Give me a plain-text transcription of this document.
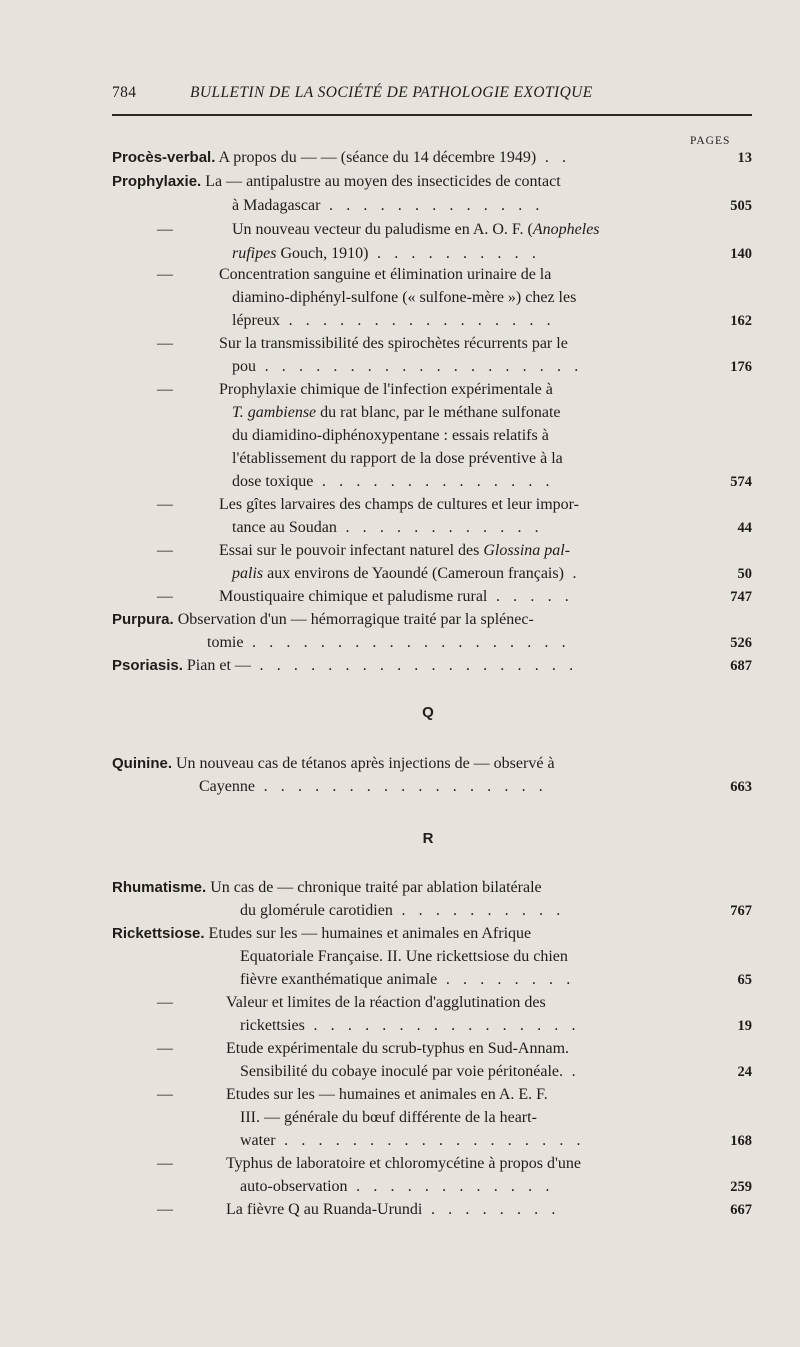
784	BULLETIN DE LA SOCIÉTÉ DE PATHOLOGIE EXOTIQUE
PAGES
Procès-verbal. A propos du — — (séance du 14 décembre 1949) . .	13
Prophylaxie. La — antipalustre au moyen des insecticides de contact
à Madagascar . . . . . . . . . . . . .	505
—	Un nouveau vecteur du paludisme en A. O. F. (Anopheles
rufipes Gouch, 1910) . . . . . . . . . .	140
—	Concentration sanguine et élimination urinaire de la
diamino-diphényl-sulfone (« sulfone-mère ») chez les
lépreux . . . . . . . . . . . . . . . .	162
—	Sur la transmissibilité des spirochètes récurrents par le
pou . . . . . . . . . . . . . . . . . . .	176
—	Prophylaxie chimique de l'infection expérimentale à
T. gambiense du rat blanc, par le méthane sulfonate
du diamidino-diphénoxypentane : essais relatifs à
l'établissement du rapport de la dose préventive à la
dose toxique . . . . . . . . . . . . . .	574
—	Les gîtes larvaires des champs de cultures et leur impor-
tance au Soudan . . . . . . . . . . . .	44
—	Essai sur le pouvoir infectant naturel des Glossina pal-
palis aux environs de Yaoundé (Cameroun français) .	50
—	Moustiquaire chimique et paludisme rural . . . . .	747
Purpura. Observation d'un — hémorragique traité par la splénec-
tomie . . . . . . . . . . . . . . . . . . .	526
Psoriasis. Pian et — . . . . . . . . . . . . . . . . . . .	687
Q
Quinine. Un nouveau cas de tétanos après injections de — observé à
Cayenne . . . . . . . . . . . . . . . . .	663
R
Rhumatisme. Un cas de — chronique traité par ablation bilatérale
du glomérule carotidien . . . . . . . . . .	767
Rickettsiose. Etudes sur les — humaines et animales en Afrique
Equatoriale Française. II. Une rickettsiose du chien
fièvre exanthématique animale . . . . . . . .	65
—	Valeur et limites de la réaction d'agglutination des
rickettsies . . . . . . . . . . . . . . . .	19
—	Etude expérimentale du scrub-typhus en Sud-Annam.
Sensibilité du cobaye inoculé par voie péritonéale. .	24
—	Etudes sur les — humaines et animales en A. E. F.
III. — générale du bœuf différente de la heart-
water . . . . . . . . . . . . . . . . . .	168
—	Typhus de laboratoire et chloromycétine à propos d'une
auto-observation . . . . . . . . . . . .	259
—	La fièvre Q au Ruanda-Urundi . . . . . . . .	667
